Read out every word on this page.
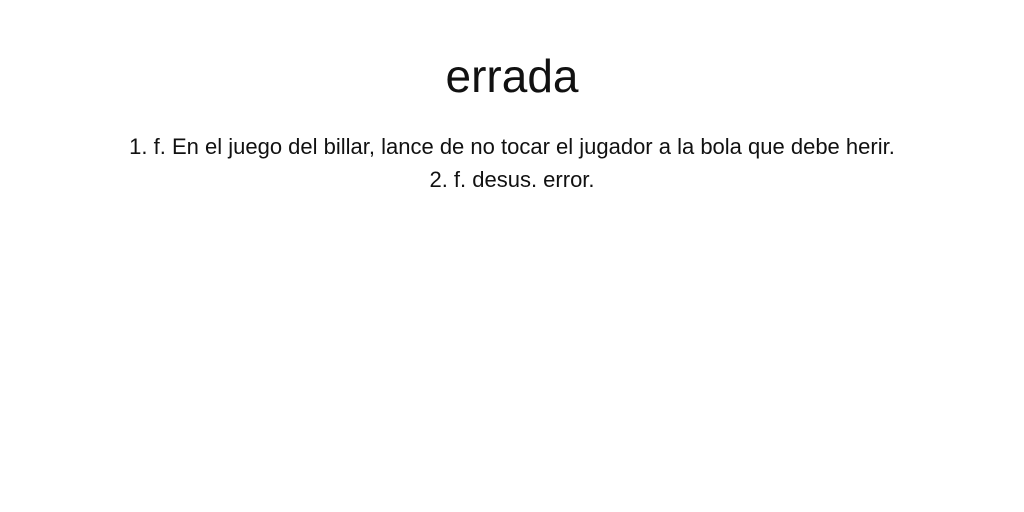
errada
1. f. En el juego del billar, lance de no tocar el jugador a la bola que debe herir.
2. f. desus. error.
